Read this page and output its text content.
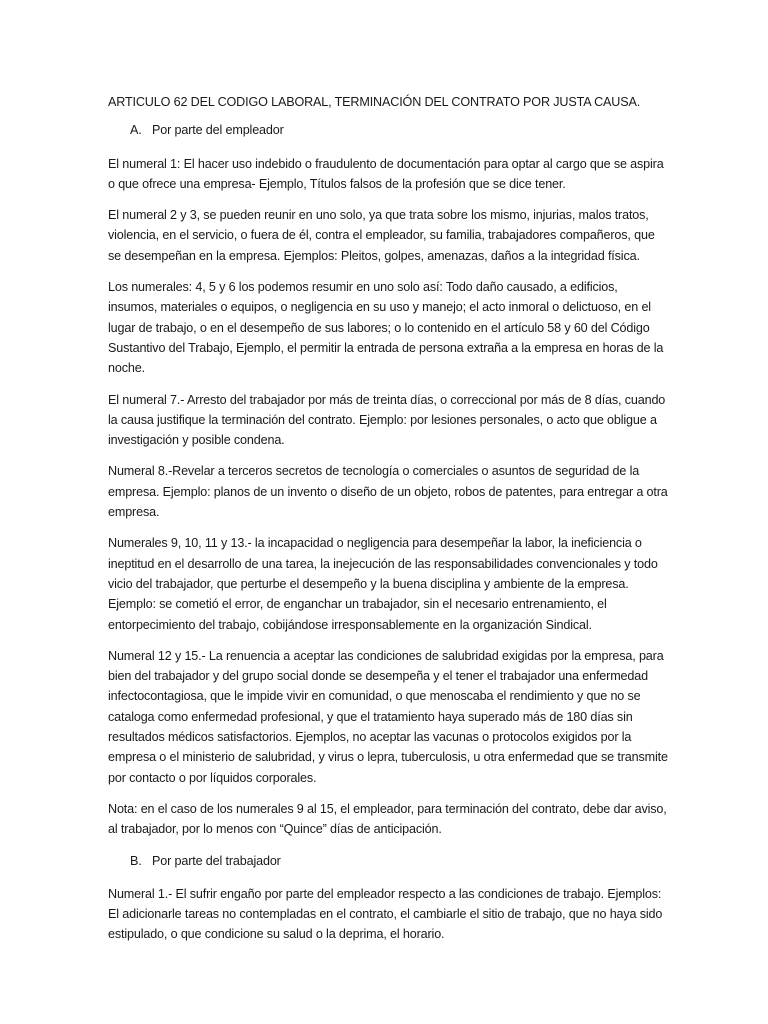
ARTICULO 62 DEL CODIGO LABORAL, TERMINACIÓN DEL CONTRATO POR JUSTA CAUSA.

A. Por parte del empleador

El numeral 1: El hacer uso indebido o fraudulento de documentación para optar al cargo que se aspira o que ofrece una empresa- Ejemplo, Títulos falsos de la profesión que se dice tener.

El numeral 2 y 3, se pueden reunir en uno solo, ya que trata sobre los mismo, injurias, malos tratos, violencia, en el servicio, o fuera de él, contra el empleador, su familia, trabajadores compañeros, que se desempeñan en la empresa. Ejemplos: Pleitos, golpes, amenazas, daños a la integridad física.

Los numerales: 4, 5 y 6 los podemos resumir en uno solo así: Todo daño causado, a edificios, insumos, materiales o equipos, o negligencia en su uso y manejo; el acto inmoral o delictuoso, en el lugar de trabajo, o en el desempeño de sus labores; o lo contenido en el artículo 58 y 60 del Código Sustantivo del Trabajo, Ejemplo, el permitir la entrada de persona extraña a la empresa en horas de la noche.

El numeral 7.- Arresto del trabajador por más de treinta días, o correccional por más de 8 días, cuando la causa justifique la terminación del contrato. Ejemplo: por lesiones personales, o acto que obligue a investigación y posible condena.

Numeral 8.-Revelar a terceros secretos de tecnología o comerciales o asuntos de seguridad de la empresa. Ejemplo: planos de un invento o diseño de un objeto, robos de patentes, para entregar a otra empresa.

Numerales 9, 10, 11 y 13.- la incapacidad o negligencia para desempeñar la labor, la ineficiencia o ineptitud en el desarrollo de una tarea, la inejecución de las responsabilidades convencionales y todo vicio del trabajador, que perturbe el desempeño y la buena disciplina y ambiente de la empresa. Ejemplo: se cometió el error, de enganchar un trabajador, sin el necesario entrenamiento, el entorpecimiento del trabajo, cobijándose irresponsablemente en la organización Sindical.

Numeral 12 y 15.- La renuencia a aceptar las condiciones de salubridad exigidas por la empresa, para bien del trabajador y del grupo social donde se desempeña y el tener el trabajador una enfermedad infectocontagiosa, que le impide vivir en comunidad, o que menoscaba el rendimiento y que no se cataloga como enfermedad profesional, y que el tratamiento haya superado más de 180 días sin resultados médicos satisfactorios. Ejemplos, no aceptar las vacunas o protocolos exigidos por la empresa o el ministerio de salubridad, y virus o lepra, tuberculosis, u otra enfermedad que se transmite por contacto o por líquidos corporales.

Nota: en el caso de los numerales 9 al 15, el empleador, para terminación del contrato, debe dar aviso, al trabajador, por lo menos con “Quince” días de anticipación.

B. Por parte del trabajador

Numeral 1.- El sufrir engaño por parte del empleador respecto a las condiciones de trabajo. Ejemplos: El adicionarle tareas no contempladas en el contrato, el cambiarle el sitio de trabajo, que no haya sido estipulado, o que condicione su salud o la deprima, el horario.
